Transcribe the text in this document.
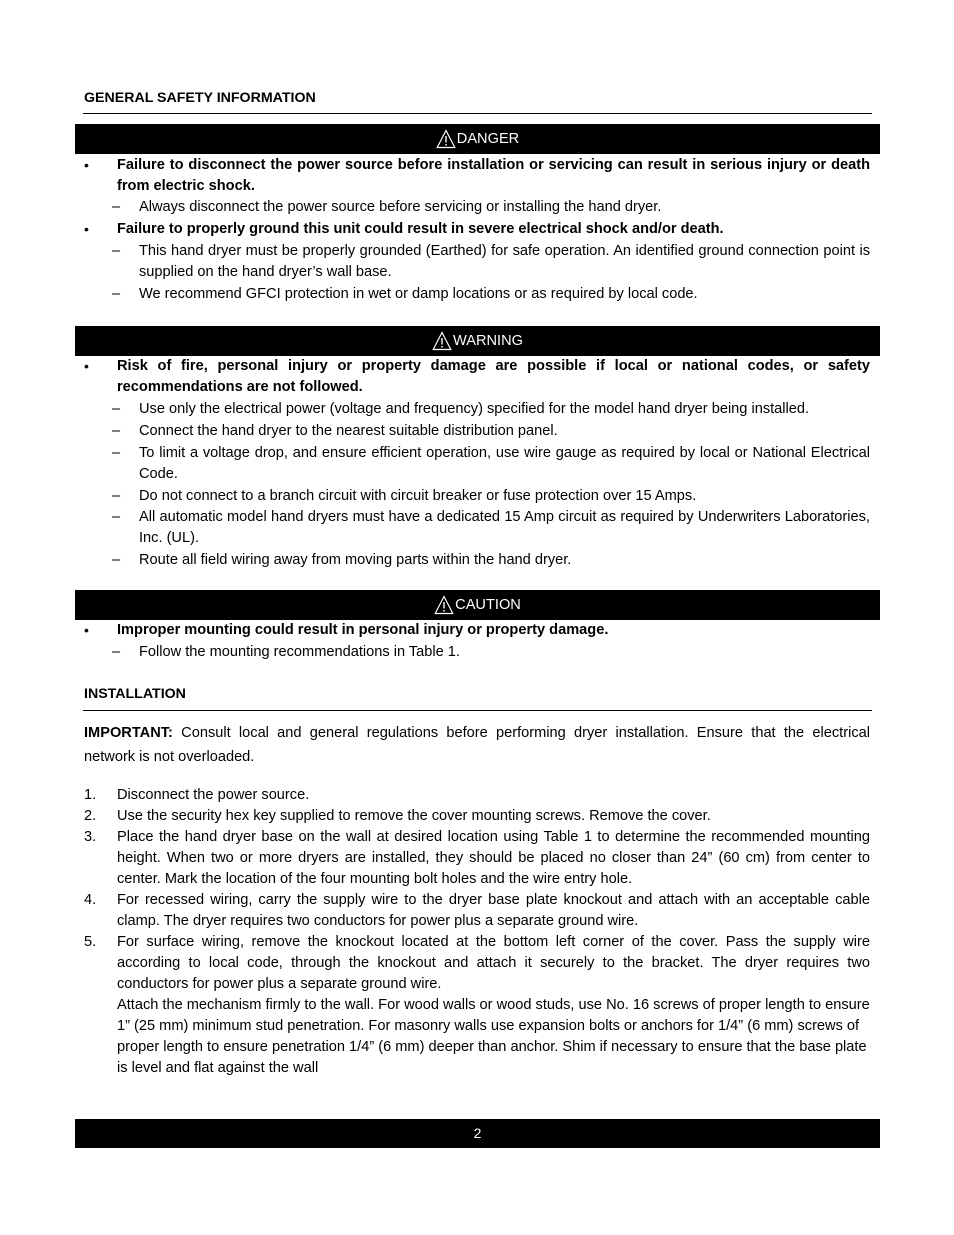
GENERAL SAFETY INFORMATION
DANGER
• Failure to disconnect the power source before installation or servicing can result in serious injury or death from electric shock.
– Always disconnect the power source before servicing or installing the hand dryer.
• Failure to properly ground this unit could result in severe electrical shock and/or death.
– This hand dryer must be properly grounded (Earthed) for safe operation. An identified ground connection point is supplied on the hand dryer’s wall base.
– We recommend GFCI protection in wet or damp locations or as required by local code.
WARNING
• Risk of fire, personal injury or property damage are possible if local or national codes, or safety recommendations are not followed.
– Use only the electrical power (voltage and frequency) specified for the model hand dryer being installed.
– Connect the hand dryer to the nearest suitable distribution panel.
– To limit a voltage drop, and ensure efficient operation, use wire gauge as required by local or National Electrical Code.
– Do not connect to a branch circuit with circuit breaker or fuse protection over 15 Amps.
– All automatic model hand dryers must have a dedicated 15 Amp circuit as required by Underwriters Laboratories, Inc. (UL).
– Route all field wiring away from moving parts within the hand dryer.
CAUTION
• Improper mounting could result in personal injury or property damage.
– Follow the mounting recommendations in Table 1.
INSTALLATION
IMPORTANT: Consult local and general regulations before performing dryer installation. Ensure that the electrical network is not overloaded.
1. Disconnect the power source.
2. Use the security hex key supplied to remove the cover mounting screws. Remove the cover.
3. Place the hand dryer base on the wall at desired location using Table 1 to determine the recommended mounting height. When two or more dryers are installed, they should be placed no closer than 24” (60 cm) from center to center. Mark the location of the four mounting bolt holes and the wire entry hole.
4. For recessed wiring, carry the supply wire to the dryer base plate knockout and attach with an acceptable cable clamp. The dryer requires two conductors for power plus a separate ground wire.
5. For surface wiring, remove the knockout located at the bottom left corner of the cover. Pass the supply wire according to local code, through the knockout and attach it securely to the bracket. The dryer requires two conductors for power plus a separate ground wire.
Attach the mechanism firmly to the wall. For wood walls or wood studs, use No. 16 screws of proper length to ensure 1” (25 mm) minimum stud penetration. For masonry walls use expansion bolts or anchors for 1/4” (6 mm) screws of proper length to ensure penetration 1/4” (6 mm) deeper than anchor. Shim if necessary to ensure that the base plate is level and flat against the wall
2
